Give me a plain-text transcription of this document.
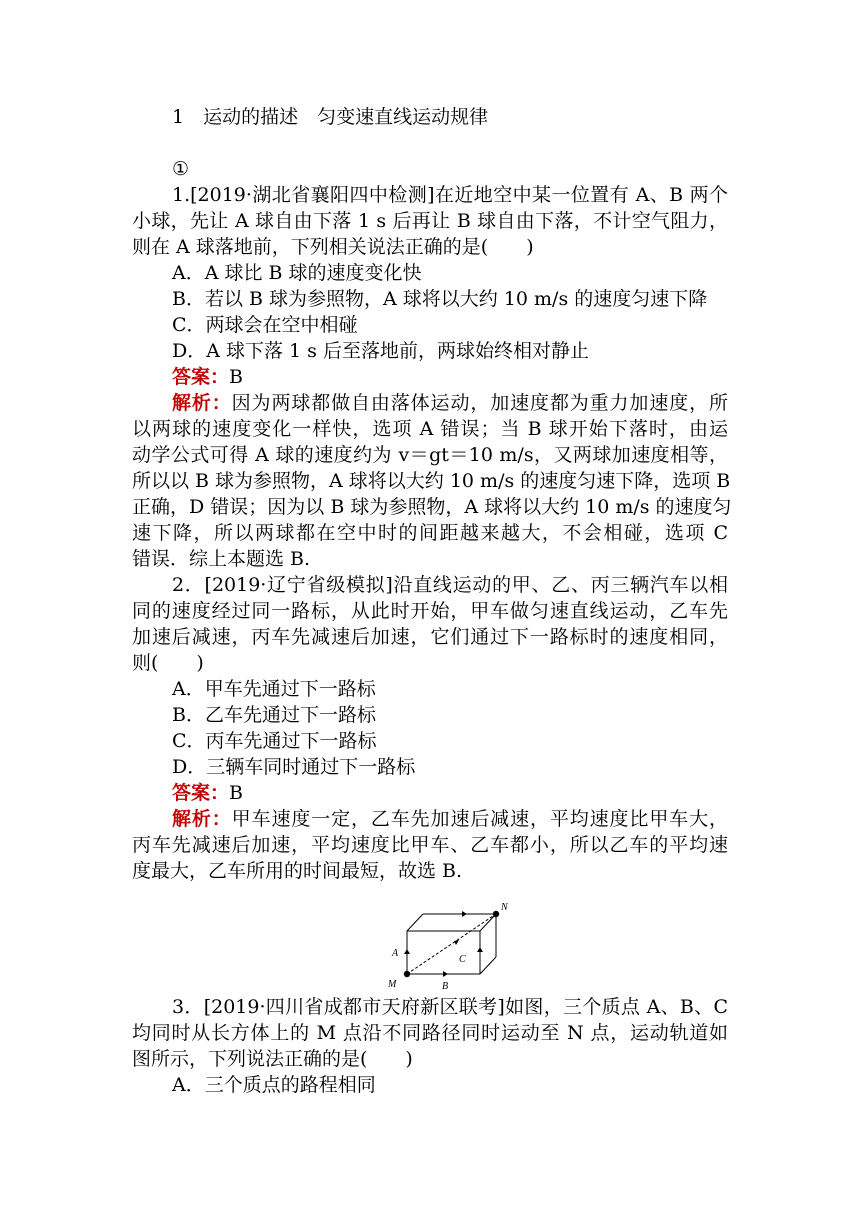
1　运动的描述　匀变速直线运动规律
①
1.[2019·湖北省襄阳四中检测]在近地空中某一位置有 A、B 两个
小球，先让 A 球自由下落 1 s 后再让 B 球自由下落，不计空气阻力，
则在 A 球落地前，下列相关说法正确的是(　　)
A．A 球比 B 球的速度变化快
B．若以 B 球为参照物，A 球将以大约 10 m/s 的速度匀速下降
C．两球会在空中相碰
D．A 球下落 1 s 后至落地前，两球始终相对静止
答案：B
解析：因为两球都做自由落体运动，加速度都为重力加速度，所
以两球的速度变化一样快，选项 A 错误；当 B 球开始下落时，由运
动学公式可得 A 球的速度约为 v＝gt＝10 m/s，又两球加速度相等，
所以以 B 球为参照物，A 球将以大约 10 m/s 的速度匀速下降，选项 B
正确，D 错误；因为以 B 球为参照物，A 球将以大约 10 m/s 的速度匀
速下降，所以两球都在空中时的间距越来越大，不会相碰，选项 C
错误．综上本题选 B.
2．[2019·辽宁省级模拟]沿直线运动的甲、乙、丙三辆汽车以相
同的速度经过同一路标，从此时开始，甲车做匀速直线运动，乙车先
加速后减速，丙车先减速后加速，它们通过下一路标时的速度相同，
则(　　)
A．甲车先通过下一路标
B．乙车先通过下一路标
C．丙车先通过下一路标
D．三辆车同时通过下一路标
答案：B
解析：甲车速度一定，乙车先加速后减速，平均速度比甲车大，
丙车先减速后加速，平均速度比甲车、乙车都小，所以乙车的平均速
度最大，乙车所用的时间最短，故选 B.
N
M
A
B
C
3．[2019·四川省成都市天府新区联考]如图，三个质点 A、B、C
均同时从长方体上的 M 点沿不同路径同时运动至 N 点，运动轨道如
图所示，下列说法正确的是(　　)
A．三个质点的路程相同
